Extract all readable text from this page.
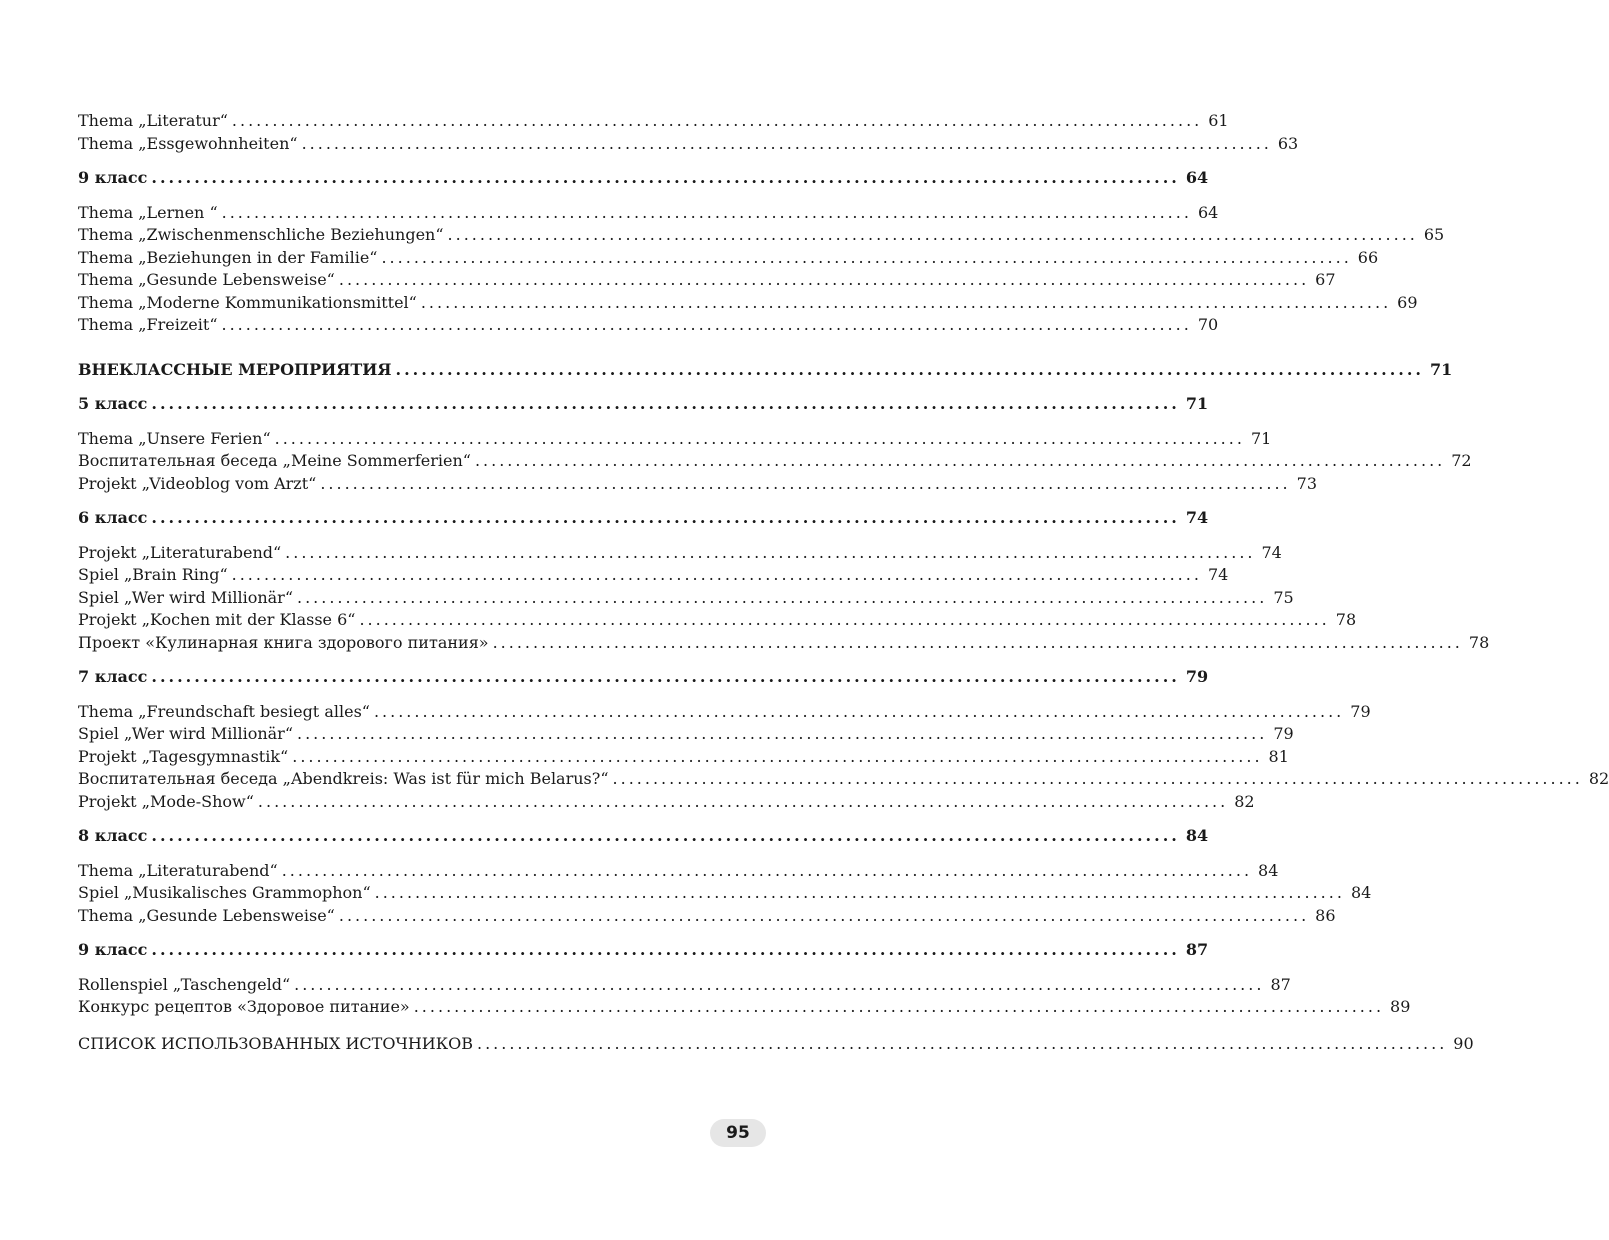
Thema „Literatur“ ........................................................................................................................ 61
Thema „Essgewohnheiten“ ........................................................................................................................ 63
9 класс ........................................................................................................................ 64
Thema „Lernen “ ........................................................................................................................ 64
Thema „Zwischenmenschliche Beziehungen“ ........................................................................................................................ 65
Thema „Beziehungen in der Familie“ ........................................................................................................................ 66
Thema „Gesunde Lebensweise“ ........................................................................................................................ 67
Thema „Moderne Kommunikationsmittel“ ........................................................................................................................ 69
Thema „Freizeit“ ........................................................................................................................ 70
ВНЕКЛАССНЫЕ МЕРОПРИЯТИЯ ........................................................................................................................ 71
5 класс ........................................................................................................................ 71
Thema „Unsere Ferien“ ........................................................................................................................ 71
Воспитательная беседа „Meine Sommerferien“ ........................................................................................................................ 72
Projekt „Videoblog vom Arzt“ ........................................................................................................................ 73
6 класс ........................................................................................................................ 74
Projekt „Literaturabend“ ........................................................................................................................ 74
Spiel „Brain Ring“ ........................................................................................................................ 74
Spiel „Wer wird Millionär“ ........................................................................................................................ 75
Projekt „Kochen mit der Klasse 6“ ........................................................................................................................ 78
Проект «Кулинарная книга здорового питания» ........................................................................................................................ 78
7 класс ........................................................................................................................ 79
Thema „Freundschaft besiegt alles“ ........................................................................................................................ 79
Spiel „Wer wird Millionär“ ........................................................................................................................ 79
Projekt „Tagesgymnastik“ ........................................................................................................................ 81
Воспитательная беседа „Abendkreis: Was ist für mich Belarus?“ ........................................................................................................................ 82
Projekt „Mode-Show“ ........................................................................................................................ 82
8 класс ........................................................................................................................ 84
Thema „Literaturabend“ ........................................................................................................................ 84
Spiel „Musikalisches Grammophon“ ........................................................................................................................ 84
Thema „Gesunde Lebensweise“ ........................................................................................................................ 86
9 класс ........................................................................................................................ 87
Rollenspiel „Taschengeld“ ........................................................................................................................ 87
Конкурс рецептов «Здоровое питание» ........................................................................................................................ 89
СПИСОК ИСПОЛЬЗОВАННЫХ ИСТОЧНИКОВ ........................................................................................................................ 90
95
